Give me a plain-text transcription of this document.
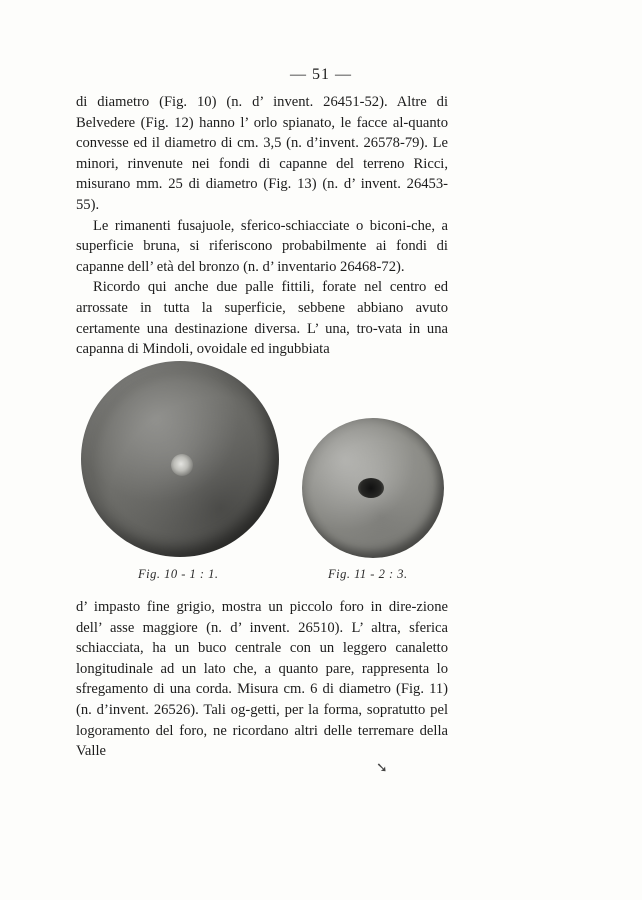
— 51 —

di diametro (Fig. 10) (n. d’ invent. 26451-52). Altre di Belvedere (Fig. 12) hanno l’ orlo spianato, le facce al-quanto convesse ed il diametro di cm. 3,5 (n. d’invent. 26578-79). Le minori, rinvenute nei fondi di capanne del terreno Ricci, misurano mm. 25 di diametro (Fig. 13) (n. d’ invent. 26453-55).

Le rimanenti fusajuole, sferico-schiacciate o biconi-che, a superficie bruna, si riferiscono probabilmente ai fondi di capanne dell’ età del bronzo (n. d’ inventario 26468-72).

Ricordo qui anche due palle fittili, forate nel centro ed arrossate in tutta la superficie, sebbene abbiano avuto certamente una destinazione diversa. L’ una, tro-vata in una capanna di Mindoli, ovoidale ed ingubbiata

Fig. 10 - 1 : 1.	Fig. 11 - 2 : 3.

d’ impasto fine grigio, mostra un piccolo foro in dire-zione dell’ asse maggiore (n. d’ invent. 26510). L’ altra, sferica schiacciata, ha un buco centrale con un leggero canaletto longitudinale ad un lato che, a quanto pare, rappresenta lo sfregamento di una corda. Misura cm. 6 di diametro (Fig. 11) (n. d’invent. 26526). Tali og-getti, per la forma, sopratutto pel logoramento del foro, ne ricordano altri delle terremare della Valle

➘
